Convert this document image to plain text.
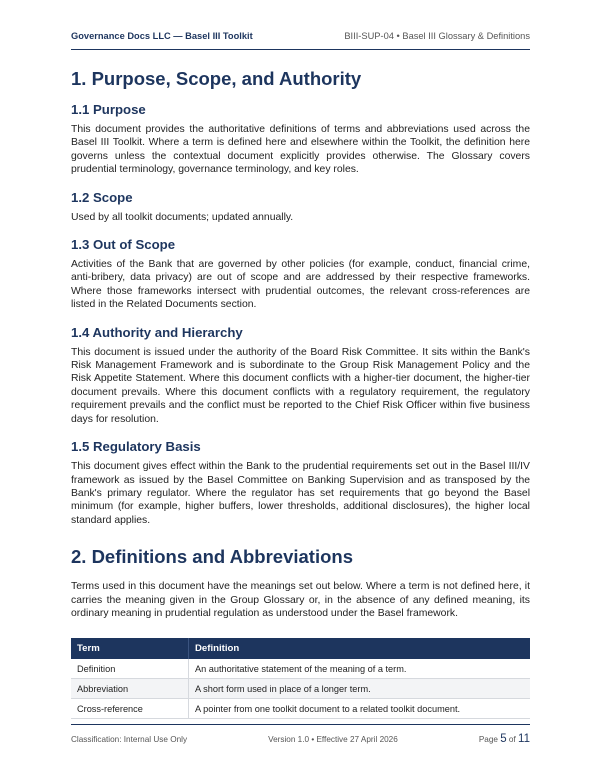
Governance Docs LLC — Basel III Toolkit	BIII-SUP-04 • Basel III Glossary & Definitions
1. Purpose, Scope, and Authority
1.1 Purpose

This document provides the authoritative definitions of terms and abbreviations used across the Basel III Toolkit. Where a term is defined here and elsewhere within the Toolkit, the definition here governs unless the contextual document explicitly provides otherwise. The Glossary covers prudential terminology, governance terminology, and key roles.

1.2 Scope

Used by all toolkit documents; updated annually.

1.3 Out of Scope

Activities of the Bank that are governed by other policies (for example, conduct, financial crime, anti-bribery, data privacy) are out of scope and are addressed by their respective frameworks. Where those frameworks intersect with prudential outcomes, the relevant cross-references are listed in the Related Documents section.

1.4 Authority and Hierarchy

This document is issued under the authority of the Board Risk Committee. It sits within the Bank's Risk Management Framework and is subordinate to the Group Risk Management Policy and the Risk Appetite Statement. Where this document conflicts with a higher-tier document, the higher-tier document prevails. Where this document conflicts with a regulatory requirement, the regulatory requirement prevails and the conflict must be reported to the Chief Risk Officer within five business days for resolution.

1.5 Regulatory Basis

This document gives effect within the Bank to the prudential requirements set out in the Basel III/IV framework as issued by the Basel Committee on Banking Supervision and as transposed by the Bank's primary regulator. Where the regulator has set requirements that go beyond the Basel minimum (for example, higher buffers, lower thresholds, additional disclosures), the higher local standard applies.

2. Definitions and Abbreviations

Terms used in this document have the meanings set out below. Where a term is not defined here, it carries the meaning given in the Group Glossary or, in the absence of any defined meaning, its ordinary meaning in prudential regulation as understood under the Basel framework.

Term	Definition
Definition	An authoritative statement of the meaning of a term.
Abbreviation	A short form used in place of a longer term.
Cross-reference	A pointer from one toolkit document to a related toolkit document.
Classification: Internal Use Only	Version 1.0 • Effective 27 April 2026	Page 5 of 11
